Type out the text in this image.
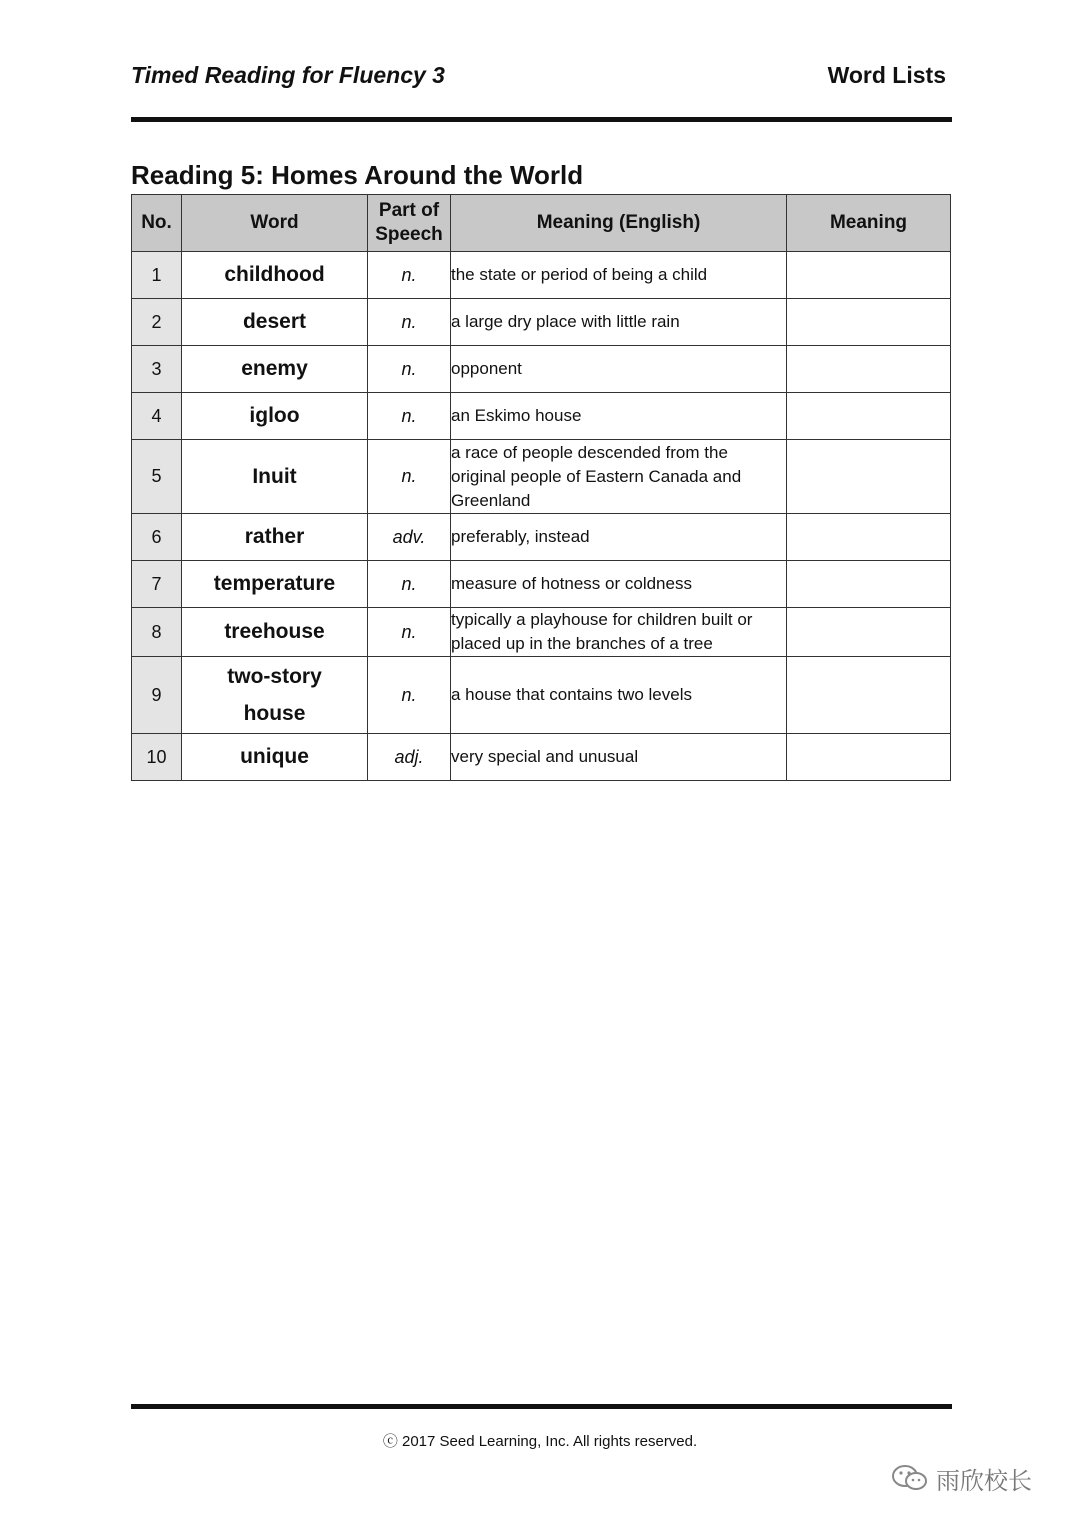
Timed Reading for Fluency 3	Word Lists
Reading 5: Homes Around the World
No.	Word	Part of Speech	Meaning (English)	Meaning
1	childhood	n.	the state or period of being a child	
2	desert	n.	a large dry place with little rain	
3	enemy	n.	opponent	
4	igloo	n.	an Eskimo house	
5	Inuit	n.	a race of people descended from the original people of Eastern Canada and Greenland	
6	rather	adv.	preferably, instead	
7	temperature	n.	measure of hotness or coldness	
8	treehouse	n.	typically a playhouse for children built or placed up in the branches of a tree	
9	two-story house	n.	a house that contains two levels	
10	unique	adj.	very special and unusual	
ⓒ 2017 Seed Learning, Inc. All rights reserved.
雨欣校长
